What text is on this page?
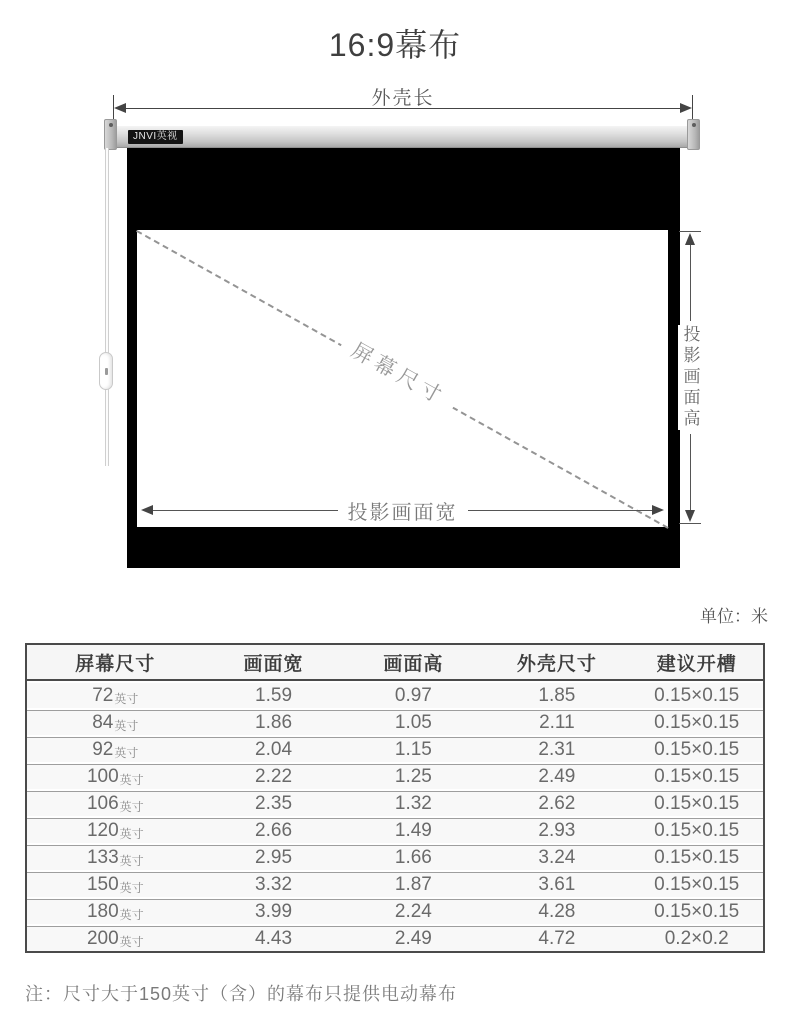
16:9幕布
外壳长
JNVI英视
屏幕尺寸
投影画面宽
投影画面高
单位：米
屏幕尺寸	画面宽	画面高	外壳尺寸	建议开槽
72 英寸	1.59	0.97	1.85	0.15×0.15
84 英寸	1.86	1.05	2.11	0.15×0.15
92 英寸	2.04	1.15	2.31	0.15×0.15
100 英寸	2.22	1.25	2.49	0.15×0.15
106 英寸	2.35	1.32	2.62	0.15×0.15
120 英寸	2.66	1.49	2.93	0.15×0.15
133 英寸	2.95	1.66	3.24	0.15×0.15
150 英寸	3.32	1.87	3.61	0.15×0.15
180 英寸	3.99	2.24	4.28	0.15×0.15
200 英寸	4.43	2.49	4.72	0.2×0.2
注：尺寸大于150英寸（含）的幕布只提供电动幕布
